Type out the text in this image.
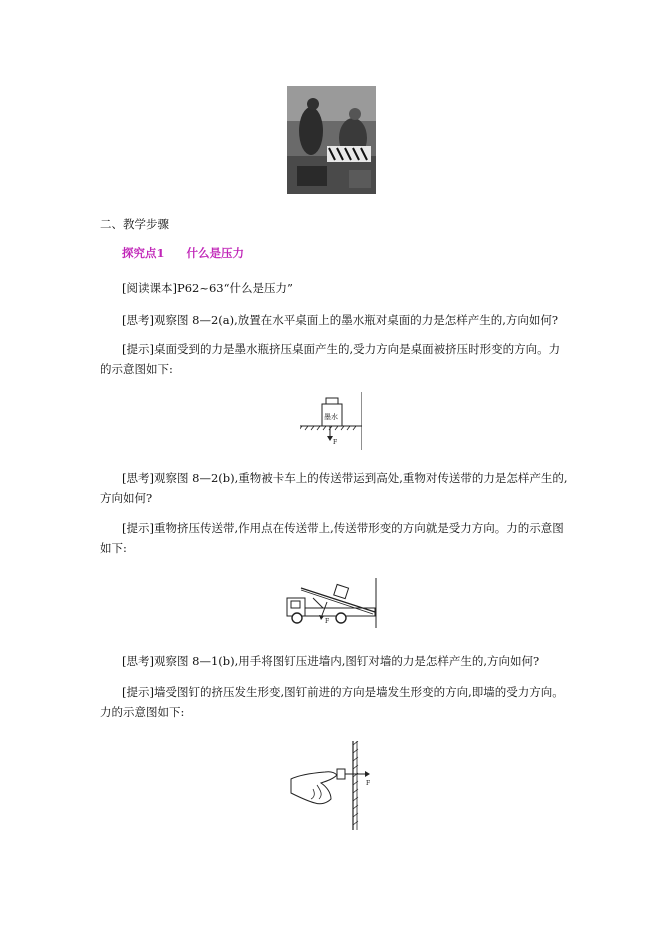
二、教学步骤
探究点1 什么是压力
[阅读课本]P62~63“什么是压力”
[思考]观察图 8—2(a),放置在水平桌面上的墨水瓶对桌面的力是怎样产生的,方向如何?
[提示]桌面受到的力是墨水瓶挤压桌面产生的,受力方向是桌面被挤压时形变的方向。力的示意图如下:
墨水
F
[思考]观察图 8—2(b),重物被卡车上的传送带运到高处,重物对传送带的力是怎样产生的,方向如何?
[提示]重物挤压传送带,作用点在传送带上,传送带形变的方向就是受力方向。力的示意图如下:
F
[思考]观察图 8—1(b),用手将图钉压进墙内,图钉对墙的力是怎样产生的,方向如何?
[提示]墙受图钉的挤压发生形变,图钉前进的方向是墙发生形变的方向,即墙的受力方向。力的示意图如下:
F
